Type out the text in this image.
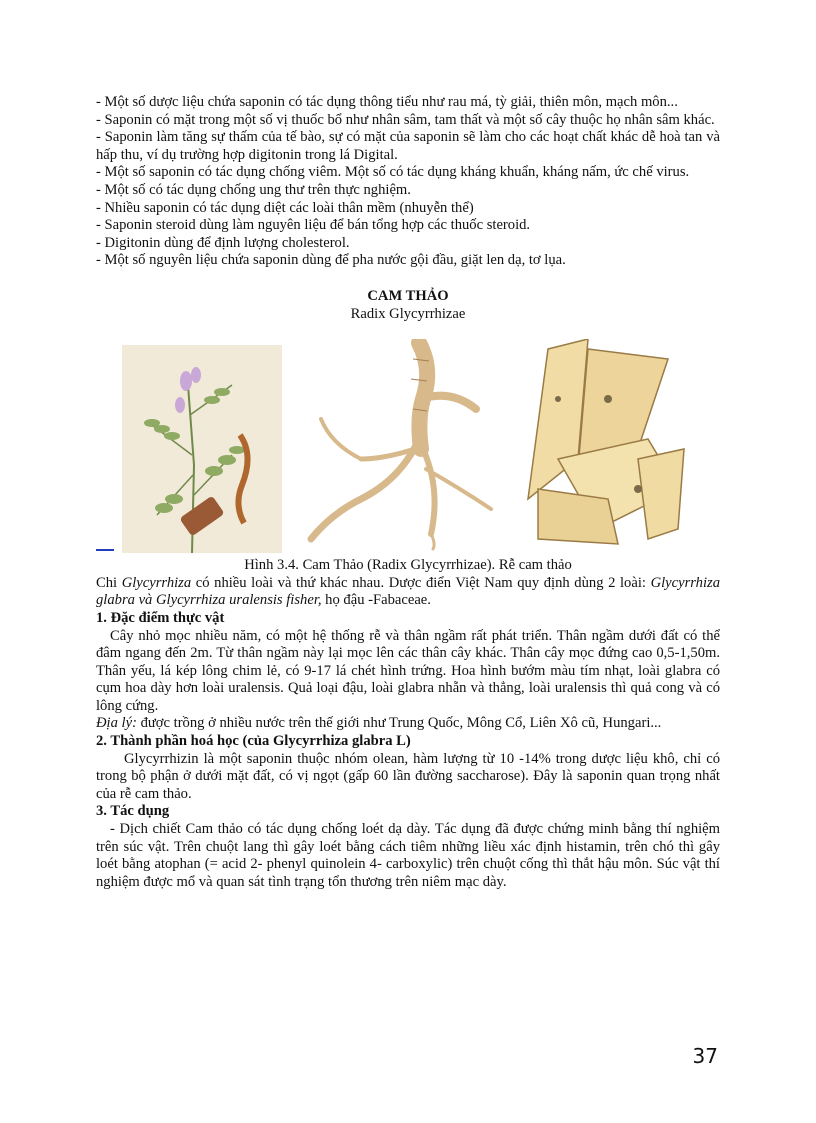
- Một số dược liệu chứa saponin có tác dụng thông tiểu như rau má, tỳ giải, thiên môn, mạch môn...

- Saponin có mặt trong một số vị thuốc bổ như nhân sâm, tam thất và một số cây thuộc họ nhân sâm khác.

- Saponin làm tăng sự thấm của tế bào, sự có mặt của saponin sẽ làm cho các hoạt chất khác dễ hoà tan và hấp thu, ví dụ trường hợp digitonin trong lá Digital.

- Một số saponin có tác dụng chống viêm. Một số có tác dụng kháng khuẩn, kháng nấm, ức chế virus.

- Một số có tác dụng chống ung thư trên thực nghiệm.

- Nhiều saponin có tác dụng diệt các loài thân mềm (nhuyễn thể)

- Saponin steroid dùng làm nguyên liệu để bán tổng hợp các thuốc steroid.

- Digitonin dùng để định lượng cholesterol.

- Một số nguyên liệu chứa saponin dùng để pha nước gội đầu, giặt len dạ, tơ lụa.

CAM THẢO

Radix Glycyrrhizae

Hình 3.4. Cam Thảo (Radix Glycyrrhizae). Rễ cam thảo

Chi Glycyrrhiza có nhiều loài và thứ khác nhau. Dược điển Việt Nam quy định dùng 2 loài: Glycyrrhiza glabra và Glycyrrhiza uralensis fisher, họ đậu -Fabaceae.

1. Đặc điểm thực vật

Cây nhỏ mọc nhiều năm, có một hệ thống rễ và thân ngầm rất phát triển. Thân ngầm dưới đất có thể đâm ngang đến 2m. Từ thân ngầm này lại mọc lên các thân cây khác. Thân cây mọc đứng cao 0,5-1,50m. Thân yếu, lá kép lông chim lẻ, có 9-17 lá chét hình trứng. Hoa hình bướm màu tím nhạt, loài glabra có cụm hoa dày hơn loài uralensis. Quả loại đậu, loài glabra nhẵn và thẳng, loài uralensis thì quả cong và có lông cứng.

Địa lý: được trồng ở nhiều nước trên thế giới như Trung Quốc, Mông Cổ, Liên Xô cũ, Hungari...

2. Thành phần hoá học (của Glycyrrhiza glabra L)

Glycyrrhizin là một saponin thuộc nhóm olean, hàm lượng từ 10 -14% trong dược liệu khô, chỉ có trong bộ phận ở dưới mặt đất, có vị ngọt (gấp 60 lần đường saccharose). Đây là saponin quan trọng nhất của rễ cam thảo.

3. Tác dụng

- Dịch chiết Cam thảo có tác dụng chống loét dạ dày. Tác dụng đã được chứng minh bằng thí nghiệm trên súc vật. Trên chuột lang thì gây loét bằng cách tiêm những liều xác định histamin, trên chó thì gây loét bằng atophan (= acid 2- phenyl quinolein 4- carboxylic) trên chuột cống thì thắt hậu môn. Súc vật thí nghiệm được mổ và quan sát tình trạng tổn thương trên niêm mạc dày.

37
